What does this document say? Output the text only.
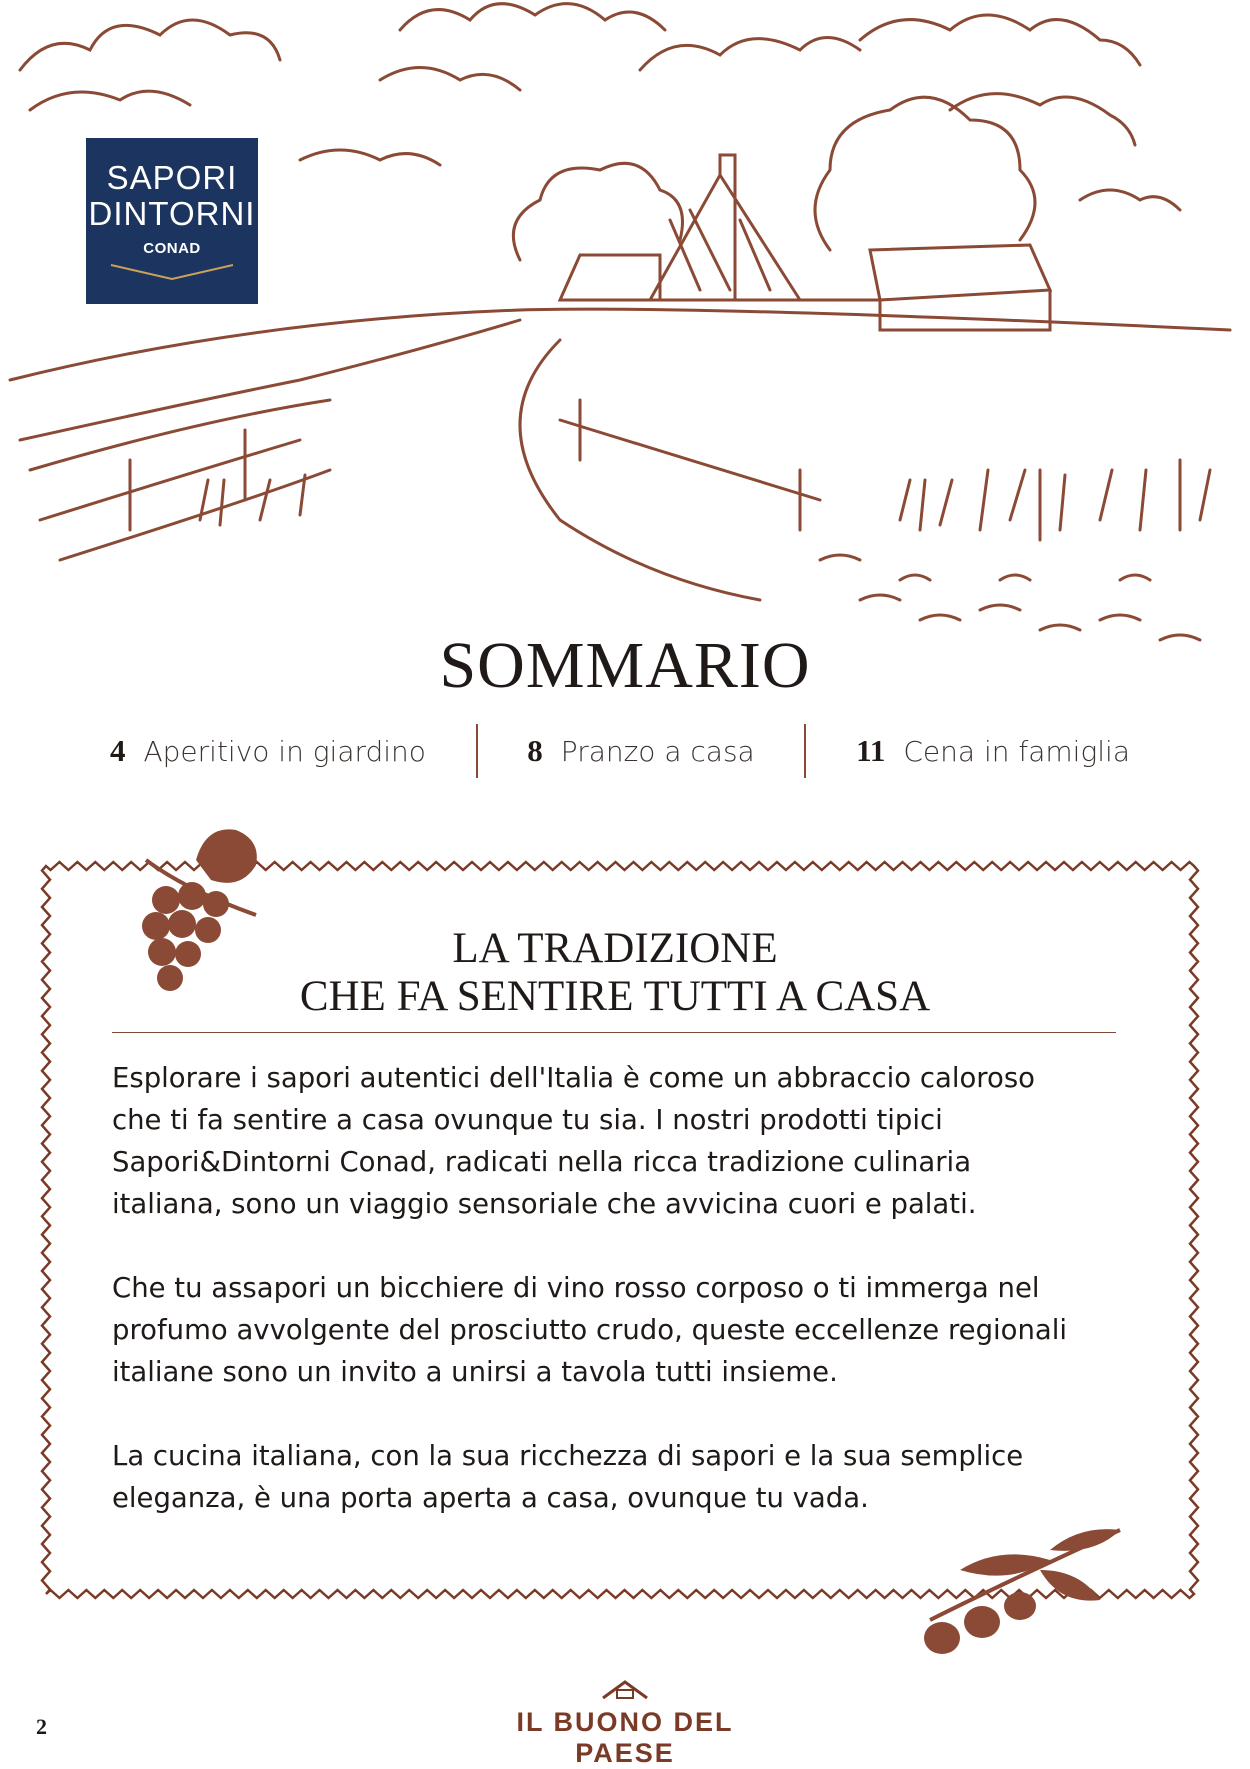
SAPORI
DINTORNI
CONAD
SOMMARIO
4 Aperitivo in giardino	8 Pranzo a casa	11 Cena in famiglia
LA TRADIZIONE
CHE FA SENTIRE TUTTI A CASA

Esplorare i sapori autentici dell'Italia è come un abbraccio caloroso
che ti fa sentire a casa ovunque tu sia. I nostri prodotti tipici
Sapori&Dintorni Conad, radicati nella ricca tradizione culinaria
italiana, sono un viaggio sensoriale che avvicina cuori e palati.

Che tu assapori un bicchiere di vino rosso corposo o ti immerga nel
profumo avvolgente del prosciutto crudo, queste eccellenze regionali
italiane sono un invito a unirsi a tavola tutti insieme.

La cucina italiana, con la sua ricchezza di sapori e la sua semplice
eleganza, è una porta aperta a casa, ovunque tu vada.

2	IL BUONO DEL PAESE
